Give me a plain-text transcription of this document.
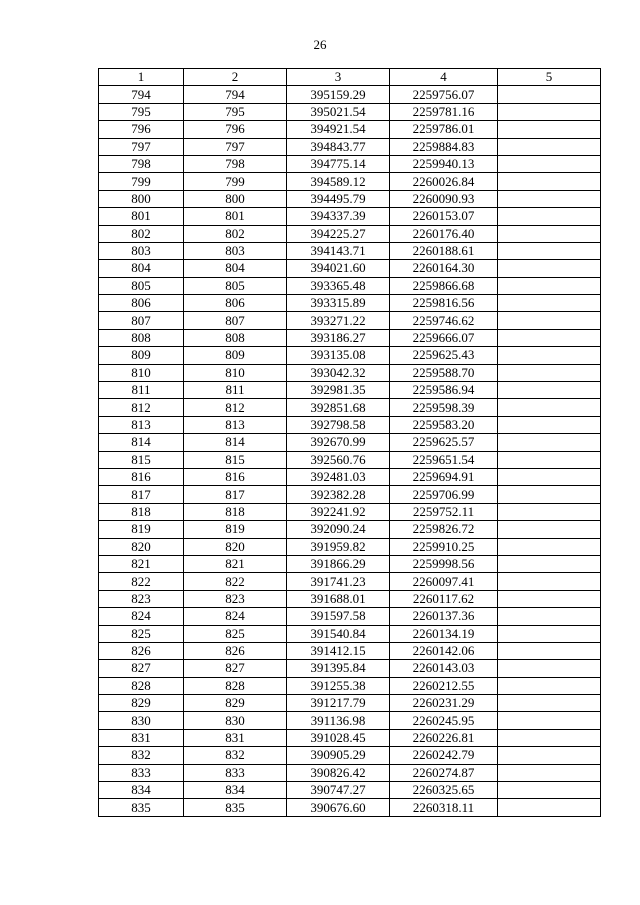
26
1	2	3	4	5
794	794	395159.29	2259756.07	
795	795	395021.54	2259781.16	
796	796	394921.54	2259786.01	
797	797	394843.77	2259884.83	
798	798	394775.14	2259940.13	
799	799	394589.12	2260026.84	
800	800	394495.79	2260090.93	
801	801	394337.39	2260153.07	
802	802	394225.27	2260176.40	
803	803	394143.71	2260188.61	
804	804	394021.60	2260164.30	
805	805	393365.48	2259866.68	
806	806	393315.89	2259816.56	
807	807	393271.22	2259746.62	
808	808	393186.27	2259666.07	
809	809	393135.08	2259625.43	
810	810	393042.32	2259588.70	
811	811	392981.35	2259586.94	
812	812	392851.68	2259598.39	
813	813	392798.58	2259583.20	
814	814	392670.99	2259625.57	
815	815	392560.76	2259651.54	
816	816	392481.03	2259694.91	
817	817	392382.28	2259706.99	
818	818	392241.92	2259752.11	
819	819	392090.24	2259826.72	
820	820	391959.82	2259910.25	
821	821	391866.29	2259998.56	
822	822	391741.23	2260097.41	
823	823	391688.01	2260117.62	
824	824	391597.58	2260137.36	
825	825	391540.84	2260134.19	
826	826	391412.15	2260142.06	
827	827	391395.84	2260143.03	
828	828	391255.38	2260212.55	
829	829	391217.79	2260231.29	
830	830	391136.98	2260245.95	
831	831	391028.45	2260226.81	
832	832	390905.29	2260242.79	
833	833	390826.42	2260274.87	
834	834	390747.27	2260325.65	
835	835	390676.60	2260318.11	
